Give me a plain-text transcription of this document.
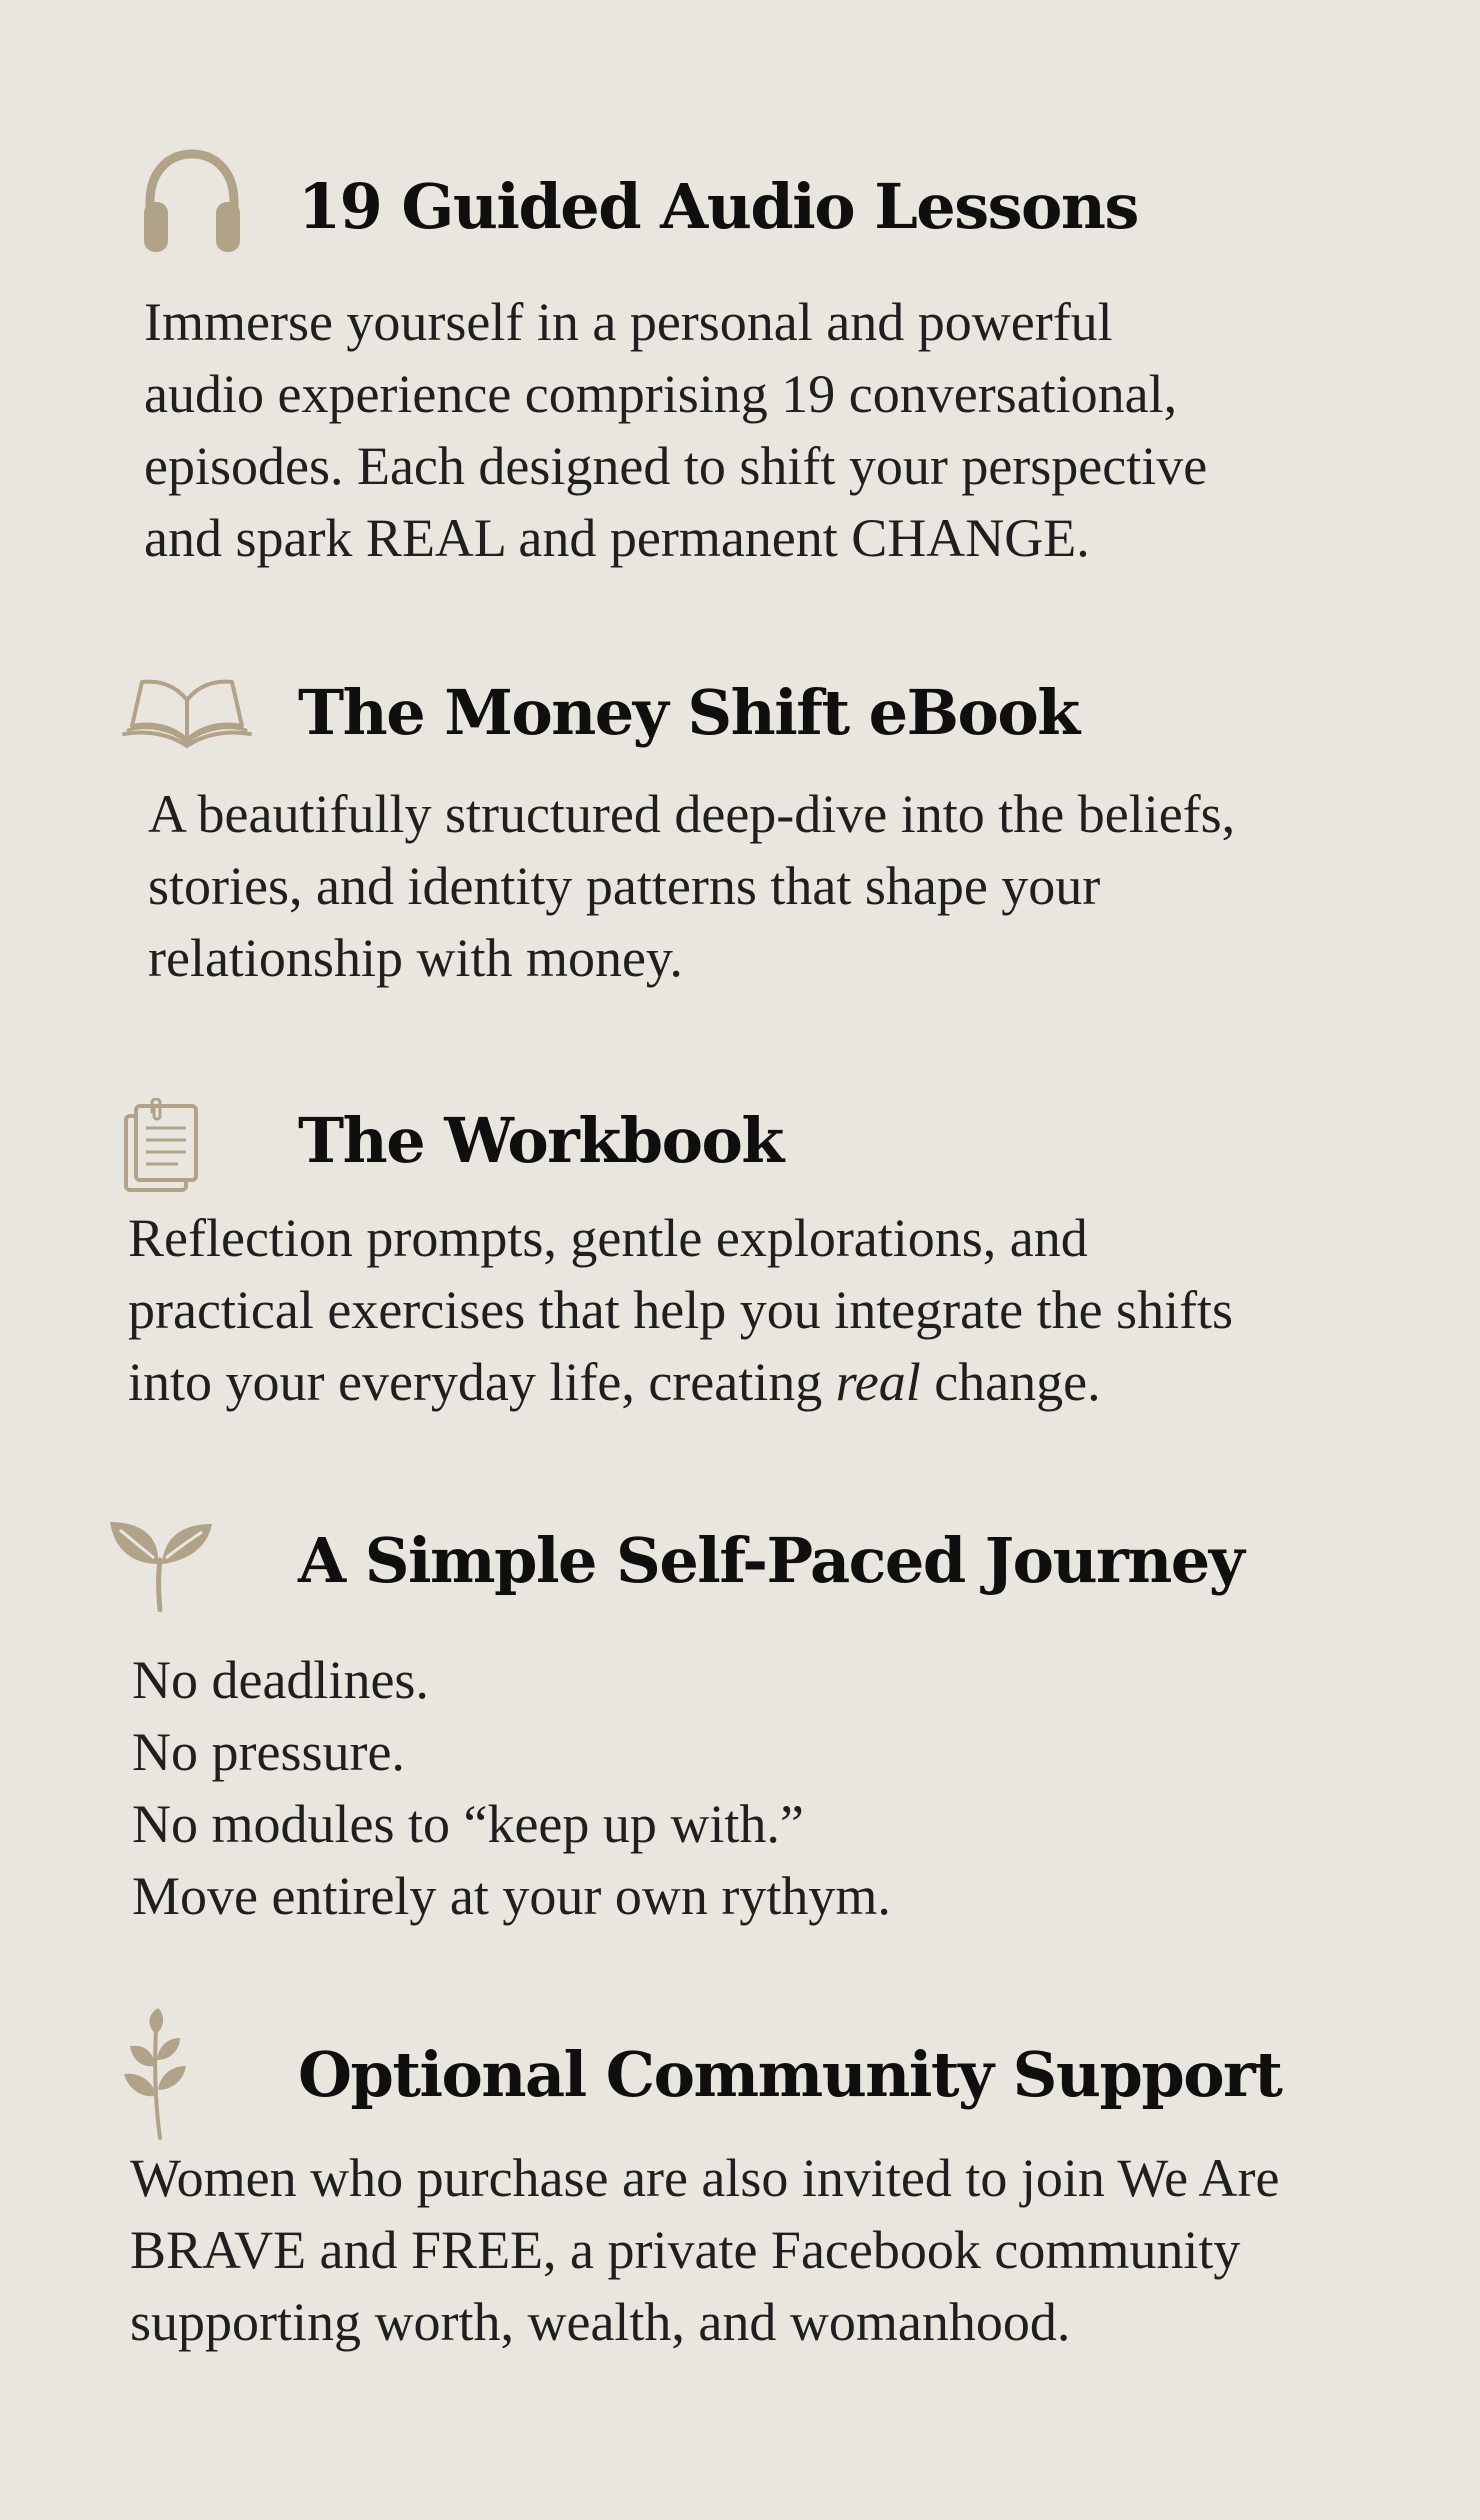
19 Guided Audio Lessons
Immerse yourself in a personal and powerful
audio experience comprising 19 conversational,
episodes. Each designed to shift your perspective
and spark REAL and permanent CHANGE.
The Money Shift eBook
A beautifully structured deep-dive into the beliefs,
stories, and identity patterns that shape your
relationship with money.
The Workbook
Reflection prompts, gentle explorations, and
practical exercises that help you integrate the shifts
into your everyday life, creating real change.
A Simple Self-Paced Journey
No deadlines.
No pressure.
No modules to “keep up with.”
Move entirely at your own rythym.
Optional Community Support
Women who purchase are also invited to join We Are
BRAVE and FREE, a private Facebook community
supporting worth, wealth, and womanhood.
